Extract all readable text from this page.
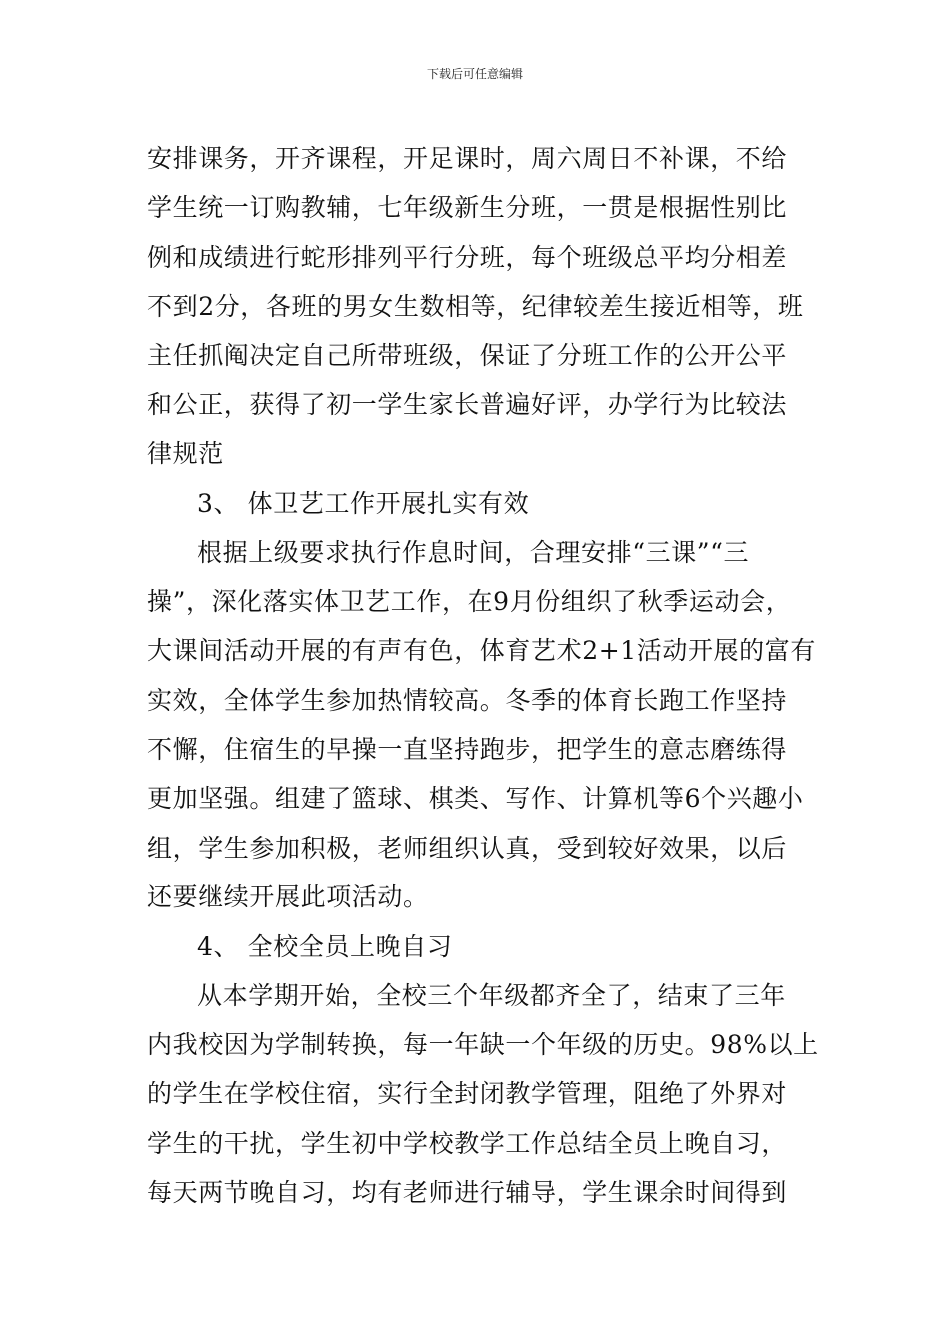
下载后可任意编辑
安排课务，开齐课程，开足课时，周六周日不补课，不给
学生统一订购教辅，七年级新生分班，一贯是根据性别比
例和成绩进行蛇形排列平行分班，每个班级总平均分相差
不到2分，各班的男女生数相等，纪律较差生接近相等，班
主任抓阄决定自己所带班级，保证了分班工作的公开公平
和公正，获得了初一学生家长普遍好评，办学行为比较法
律规范
3、 体卫艺工作开展扎实有效
根据上级要求执行作息时间，合理安排“三课”“三
操”，深化落实体卫艺工作，在9月份组织了秋季运动会，
大课间活动开展的有声有色，体育艺术2+1活动开展的富有
实效，全体学生参加热情较高。冬季的体育长跑工作坚持
不懈，住宿生的早操一直坚持跑步，把学生的意志磨练得
更加坚强。组建了篮球、棋类、写作、计算机等6个兴趣小
组，学生参加积极，老师组织认真，受到较好效果，以后
还要继续开展此项活动。
4、 全校全员上晚自习
从本学期开始，全校三个年级都齐全了，结束了三年
内我校因为学制转换，每一年缺一个年级的历史。98%以上
的学生在学校住宿，实行全封闭教学管理，阻绝了外界对
学生的干扰，学生初中学校教学工作总结全员上晚自习，
每天两节晚自习，均有老师进行辅导，学生课余时间得到
